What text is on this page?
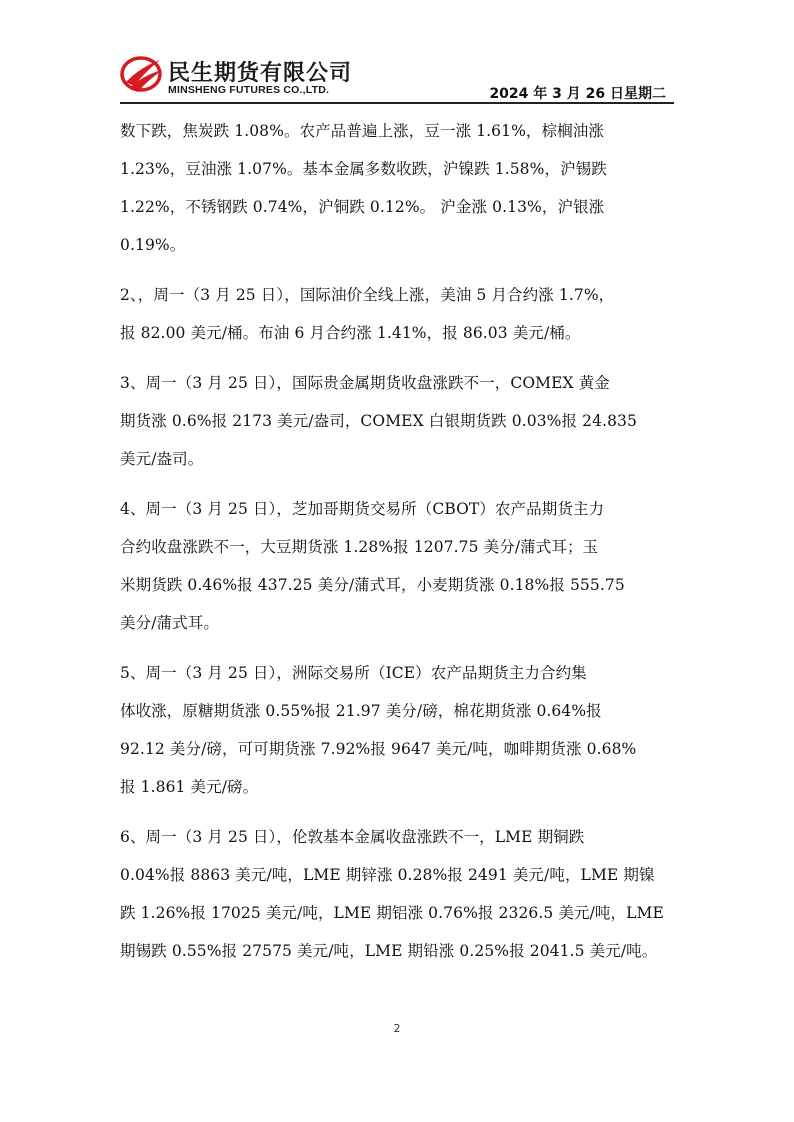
民生期货有限公司
MINSHENG FUTURES CO.,LTD.	2024 年 3 月 26 日星期二
数下跌，焦炭跌 1.08%。农产品普遍上涨，豆一涨 1.61%，棕榈油涨
1.23%，豆油涨 1.07%。基本金属多数收跌，沪镍跌 1.58%，沪锡跌
1.22%，不锈钢跌 0.74%，沪铜跌 0.12%。 沪金涨 0.13%，沪银涨
0.19%。
2、，周一（3 月 25 日），国际油价全线上涨，美油 5 月合约涨 1.7%，
报 82.00 美元/桶。布油 6 月合约涨 1.41%，报 86.03 美元/桶。
3、周一（3 月 25 日），国际贵金属期货收盘涨跌不一，COMEX 黄金
期货涨 0.6%报 2173 美元/盎司，COMEX 白银期货跌 0.03%报 24.835
美元/盎司。
4、周一（3 月 25 日），芝加哥期货交易所（CBOT）农产品期货主力
合约收盘涨跌不一，大豆期货涨 1.28%报 1207.75 美分/蒲式耳；玉
米期货跌 0.46%报 437.25 美分/蒲式耳，小麦期货涨 0.18%报 555.75
美分/蒲式耳。
5、周一（3 月 25 日），洲际交易所（ICE）农产品期货主力合约集
体收涨，原糖期货涨 0.55%报 21.97 美分/磅，棉花期货涨 0.64%报
92.12 美分/磅，可可期货涨 7.92%报 9647 美元/吨，咖啡期货涨 0.68%
报 1.861 美元/磅。
6、周一（3 月 25 日），伦敦基本金属收盘涨跌不一，LME 期铜跌
0.04%报 8863 美元/吨，LME 期锌涨 0.28%报 2491 美元/吨，LME 期镍
跌 1.26%报 17025 美元/吨，LME 期铝涨 0.76%报 2326.5 美元/吨，LME
期锡跌 0.55%报 27575 美元/吨，LME 期铅涨 0.25%报 2041.5 美元/吨。
2
